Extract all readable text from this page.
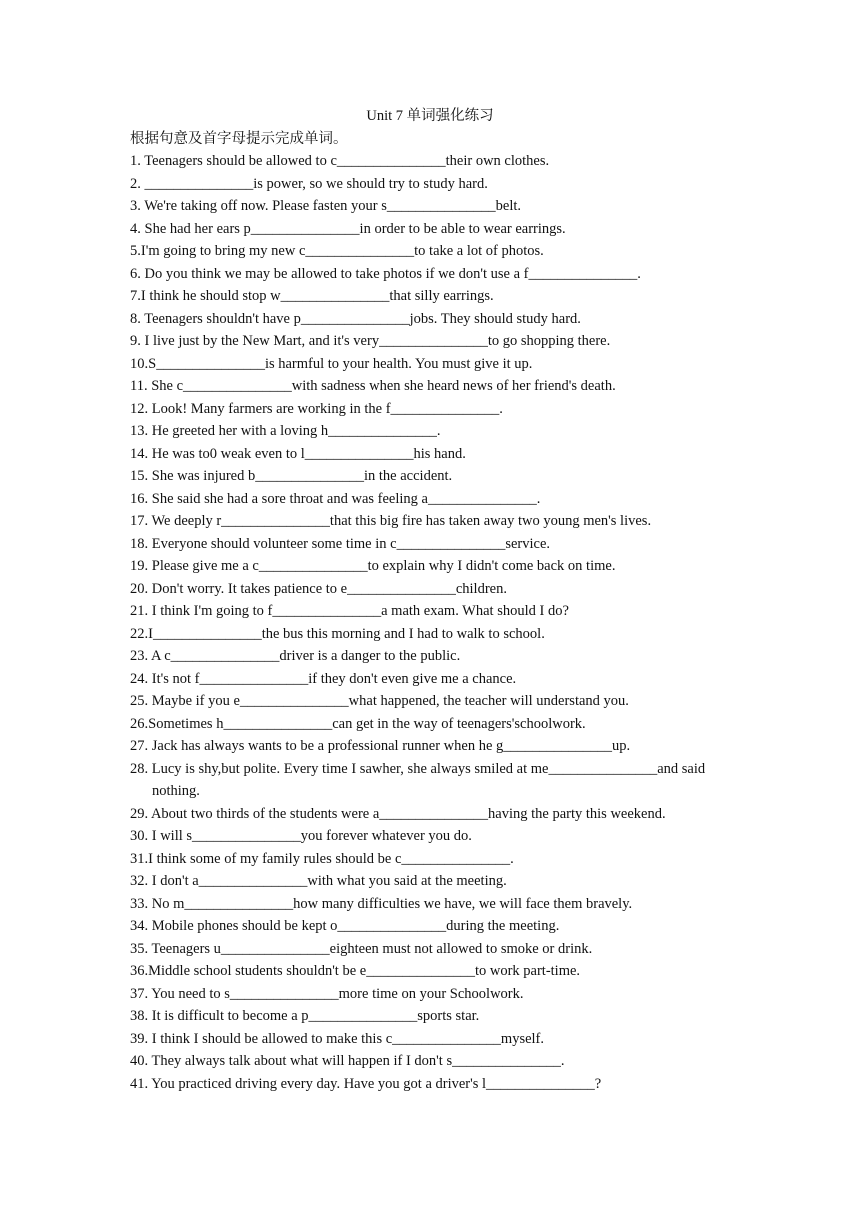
Unit 7 单词强化练习
根据句意及首字母提示完成单词。
1. Teenagers should be allowed to c_______________their own clothes.
2. _______________is power, so we should try to study hard.
3. We're taking off now. Please fasten your s_______________belt.
4. She had her ears p_______________in order to be able to wear earrings.
5.I'm going to bring my new c_______________to take a lot of photos.
6. Do you think we may be allowed to take photos if we don't use a f_______________.
7.I think he should stop w_______________that silly earrings.
8. Teenagers shouldn't have p_______________jobs. They should study hard.
9. I live just by the New Mart, and it's very_______________to go shopping there.
10.S_______________is harmful to your health. You must give it up.
11. She c_______________with sadness when she heard news of her friend's death.
12. Look! Many farmers are working in the f_______________.
13. He greeted her with a loving h_______________.
14. He was to0 weak even to l_______________his hand.
15. She was injured b_______________in the accident.
16. She said she had a sore throat and was feeling a_______________.
17. We deeply r_______________that this big fire has taken away two young men's lives.
18. Everyone should volunteer some time in c_______________service.
19. Please give me a c_______________to explain why I didn't come back on time.
20. Don't worry. It takes patience to e_______________children.
21. I think I'm going to f_______________a math exam. What should I do?
22.I_______________the bus this morning and I had to walk to school.
23. A c_______________driver is a danger to the public.
24. It's not f_______________if they don't even give me a chance.
25. Maybe if you e_______________what happened, the teacher will understand you.
26.Sometimes h_______________can get in the way of teenagers'schoolwork.
27. Jack has always wants to be a professional runner when he g_______________up.
28. Lucy is shy,but polite. Every time I sawher, she always smiled at me_______________and said nothing.
29. About two thirds of the students were a_______________having the party this weekend.
30. I will s_______________you forever whatever you do.
31.I think some of my family rules should be c_______________.
32. I don't a_______________with what you said at the meeting.
33. No m_______________how many difficulties we have, we will face them bravely.
34. Mobile phones should be kept o_______________during the meeting.
35. Teenagers u_______________eighteen must not allowed to smoke or drink.
36.Middle school students shouldn't be e_______________to work part-time.
37. You need to s_______________more time on your Schoolwork.
38. It is difficult to become a p_______________sports star.
39. I think I should be allowed to make this c_______________myself.
40. They always talk about what will happen if I don't s_______________.
41. You practiced driving every day. Have you got a driver's l_______________?
